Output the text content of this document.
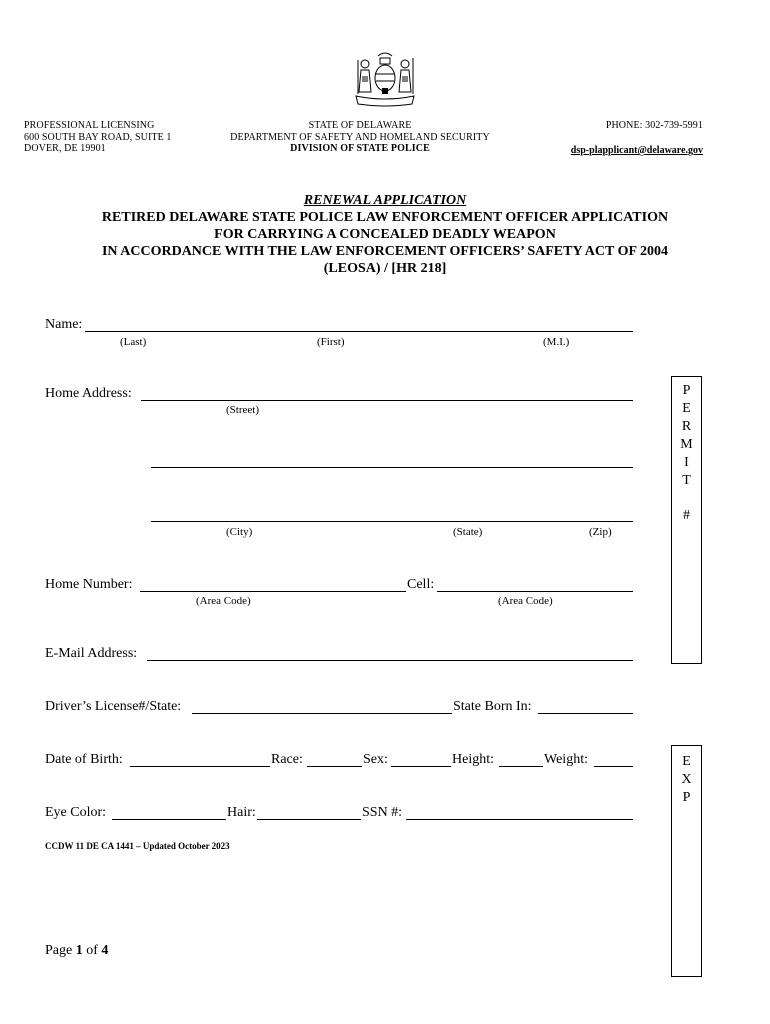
PROFESSIONAL LICENSING
600 SOUTH BAY ROAD, SUITE 1
DOVER, DE 19901
STATE OF DELAWARE
DEPARTMENT OF SAFETY AND HOMELAND SECURITY
DIVISION OF STATE POLICE
PHONE: 302-739-5991
dsp-plapplicant@delaware.gov
RENEWAL APPLICATION
RETIRED DELAWARE STATE POLICE LAW ENFORCEMENT OFFICER APPLICATION
FOR CARRYING A CONCEALED DEADLY WEAPON
IN ACCORDANCE WITH THE LAW ENFORCEMENT OFFICERS’ SAFETY ACT OF 2004
(LEOSA) / [HR 218]
Name:
(Last)	(First)	(M.I.)
Home Address:
(Street)
(City)	(State)	(Zip)
Home Number:	Cell:
(Area Code)	(Area Code)
E-Mail Address:
Driver’s License#/State:	State Born In:
Date of Birth:	Race:	Sex:	Height:	Weight:
Eye Color:	Hair:	SSN #:
P
E
R
M
I
T
#
E
X
P
CCDW 11 DE CA 1441 – Updated October 2023
Page 1 of 4
